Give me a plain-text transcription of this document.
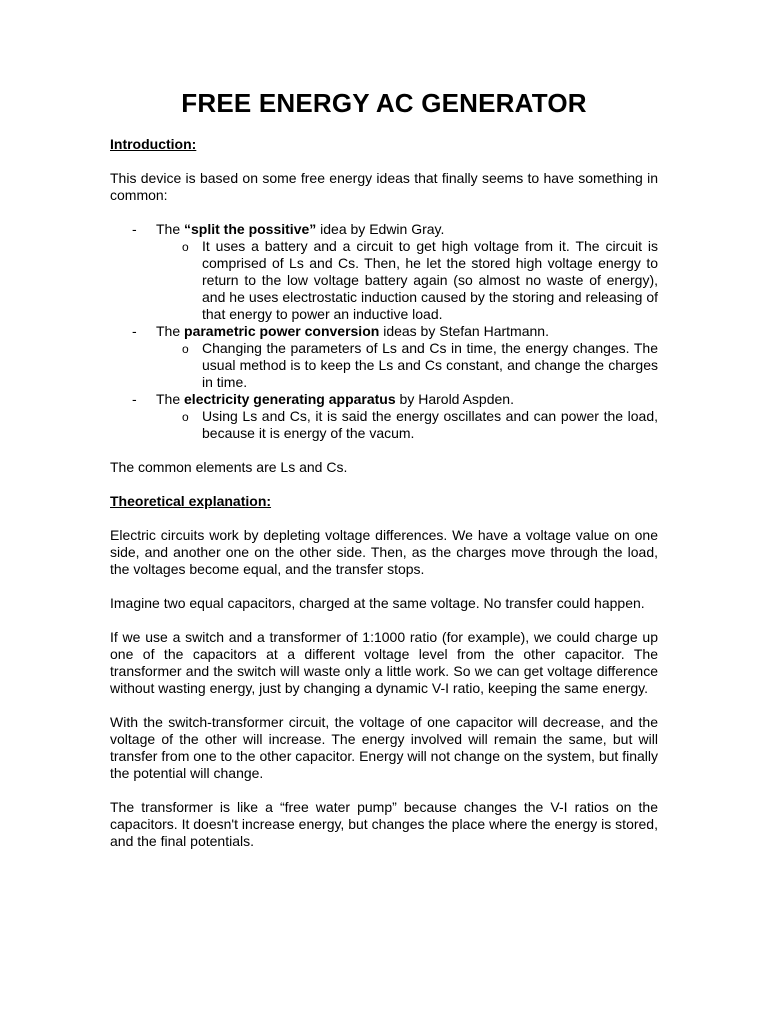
FREE ENERGY AC GENERATOR

Introduction:

This device is based on some free energy ideas that finally seems to have something in common:

- The “split the possitive” idea by Edwin Gray.

o It uses a battery and a circuit to get high voltage from it. The circuit is comprised of Ls and Cs. Then, he let the stored high voltage energy to return to the low voltage battery again (so almost no waste of energy), and he uses electrostatic induction caused by the storing and releasing of that energy to power an inductive load.

- The parametric power conversion ideas by Stefan Hartmann.

o Changing the parameters of Ls and Cs in time, the energy changes. The usual method is to keep the Ls and Cs constant, and change the charges in time.

- The electricity generating apparatus by Harold Aspden.

o Using Ls and Cs, it is said the energy oscillates and can power the load, because it is energy of the vacum.

The common elements are Ls and Cs.

Theoretical explanation:

Electric circuits work by depleting voltage differences. We have a voltage value on one side, and another one on the other side. Then, as the charges move through the load, the voltages become equal, and the transfer stops.

Imagine two equal capacitors, charged at the same voltage. No transfer could happen.

If we use a switch and a transformer of 1:1000 ratio (for example), we could charge up one of the capacitors at a different voltage level from the other capacitor. The transformer and the switch will waste only a little work. So we can get voltage difference without wasting energy, just by changing a dynamic V-I ratio, keeping the same energy.

With the switch-transformer circuit, the voltage of one capacitor will decrease, and the voltage of the other will increase. The energy involved will remain the same, but will transfer from one to the other capacitor. Energy will not change on the system, but finally the potential will change.

The transformer is like a “free water pump” because changes the V-I ratios on the capacitors. It doesn't increase energy, but changes the place where the energy is stored, and the final potentials.
